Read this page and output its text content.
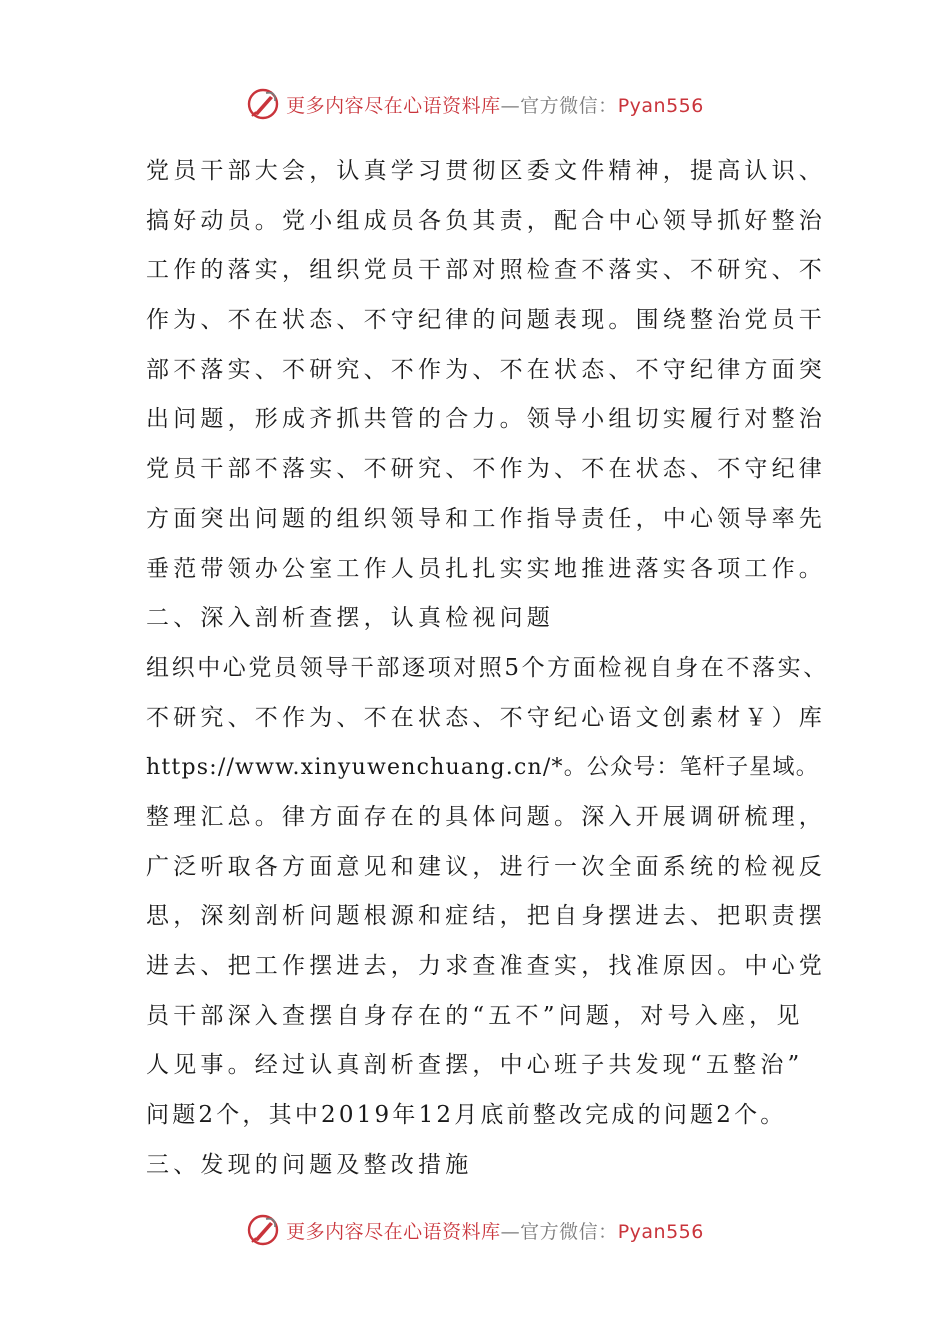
更多内容尽在心语资料库—官方微信：Pyan556
党员干部大会，认真学习贯彻区委文件精神，提高认识、
搞好动员。党小组成员各负其责，配合中心领导抓好整治
工作的落实，组织党员干部对照检查不落实、不研究、不
作为、不在状态、不守纪律的问题表现。围绕整治党员干
部不落实、不研究、不作为、不在状态、不守纪律方面突
出问题，形成齐抓共管的合力。领导小组切实履行对整治
党员干部不落实、不研究、不作为、不在状态、不守纪律
方面突出问题的组织领导和工作指导责任，中心领导率先
垂范带领办公室工作人员扎扎实实地推进落实各项工作。
二、深入剖析查摆，认真检视问题
组织中心党员领导干部逐项对照5个方面检视自身在不落实、
不研究、不作为、不在状态、不守纪心语文创素材￥）库
https://www.xinyuwenchuang.cn/*。公众号：笔杆子星域。
整理汇总。律方面存在的具体问题。深入开展调研梳理，
广泛听取各方面意见和建议，进行一次全面系统的检视反
思，深刻剖析问题根源和症结，把自身摆进去、把职责摆
进去、把工作摆进去，力求查准查实，找准原因。中心党
员干部深入查摆自身存在的“五不”问题，对号入座，见
人见事。经过认真剖析查摆，中心班子共发现“五整治”
问题2个，其中2019年12月底前整改完成的问题2个。
三、发现的问题及整改措施
更多内容尽在心语资料库—官方微信：Pyan556
